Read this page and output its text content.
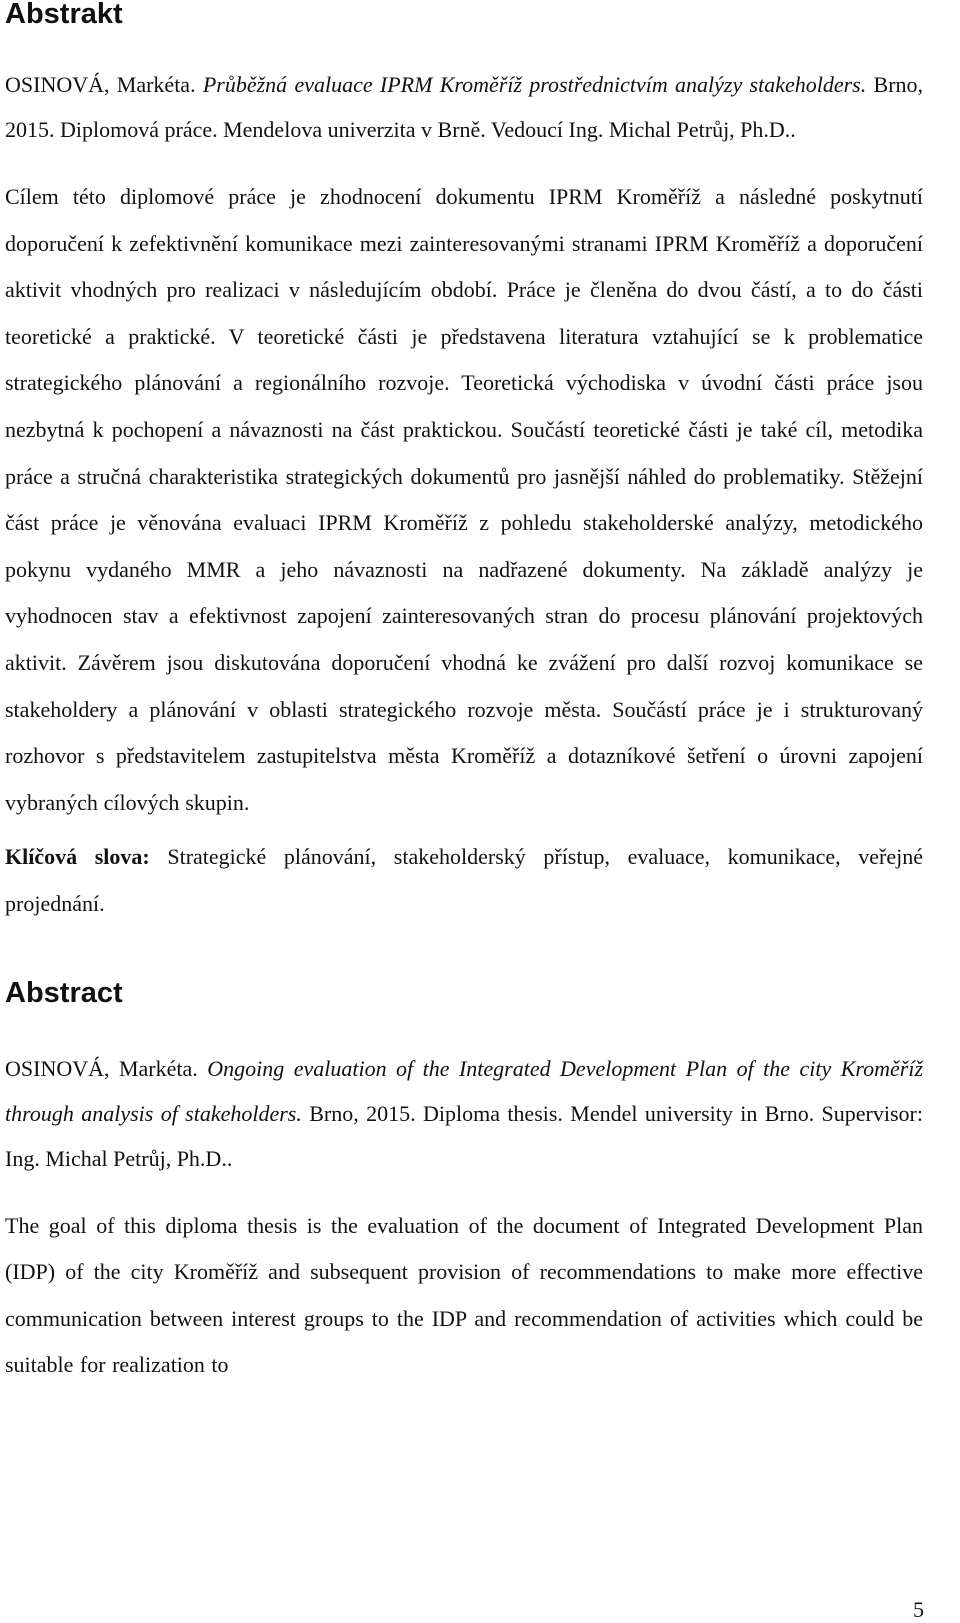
Abstrakt

OSINOVÁ, Markéta. Průběžná evaluace IPRM Kroměříž prostřednictvím analýzy stakeholders. Brno, 2015. Diplomová práce. Mendelova univerzita v Brně. Vedoucí Ing. Michal Petrůj, Ph.D..

Cílem této diplomové práce je zhodnocení dokumentu IPRM Kroměříž a následné poskytnutí doporučení k zefektivnění komunikace mezi zainteresovanými stranami IPRM Kroměříž a doporučení aktivit vhodných pro realizaci v následujícím období. Práce je členěna do dvou částí, a to do části teoretické a praktické. V teoretické části je představena literatura vztahující se k problematice strategického plánování a regionálního rozvoje. Teoretická východiska v úvodní části práce jsou nezbytná k pochopení a návaznosti na část praktickou. Součástí teoretické části je také cíl, metodika práce a stručná charakteristika strategických dokumentů pro jasnější náhled do problematiky. Stěžejní část práce je věnována evaluaci IPRM Kroměříž z pohledu stakeholderské analýzy, metodického pokynu vydaného MMR a jeho návaznosti na nadřazené dokumenty. Na základě analýzy je vyhodnocen stav a efektivnost zapojení zainteresovaných stran do procesu plánování projektových aktivit. Závěrem jsou diskutována doporučení vhodná ke zvážení pro další rozvoj komunikace se stakeholdery a plánování v oblasti strategického rozvoje města. Součástí práce je i strukturovaný rozhovor s představitelem zastupitelstva města Kroměříž a dotazníkové šetření o úrovni zapojení vybraných cílových skupin.

Klíčová slova: Strategické plánování, stakeholderský přístup, evaluace, komunikace, veřejné projednání.

Abstract

OSINOVÁ, Markéta. Ongoing evaluation of the Integrated Development Plan of the city Kroměříž through analysis of stakeholders. Brno, 2015. Diploma thesis. Mendel university in Brno. Supervisor: Ing. Michal Petrůj, Ph.D..

The goal of this diploma thesis is the evaluation of the document of Integrated Development Plan (IDP) of the city Kroměříž and subsequent provision of recommendations to make more effective communication between interest groups to the IDP and recommendation of activities which could be suitable for realization to

5
